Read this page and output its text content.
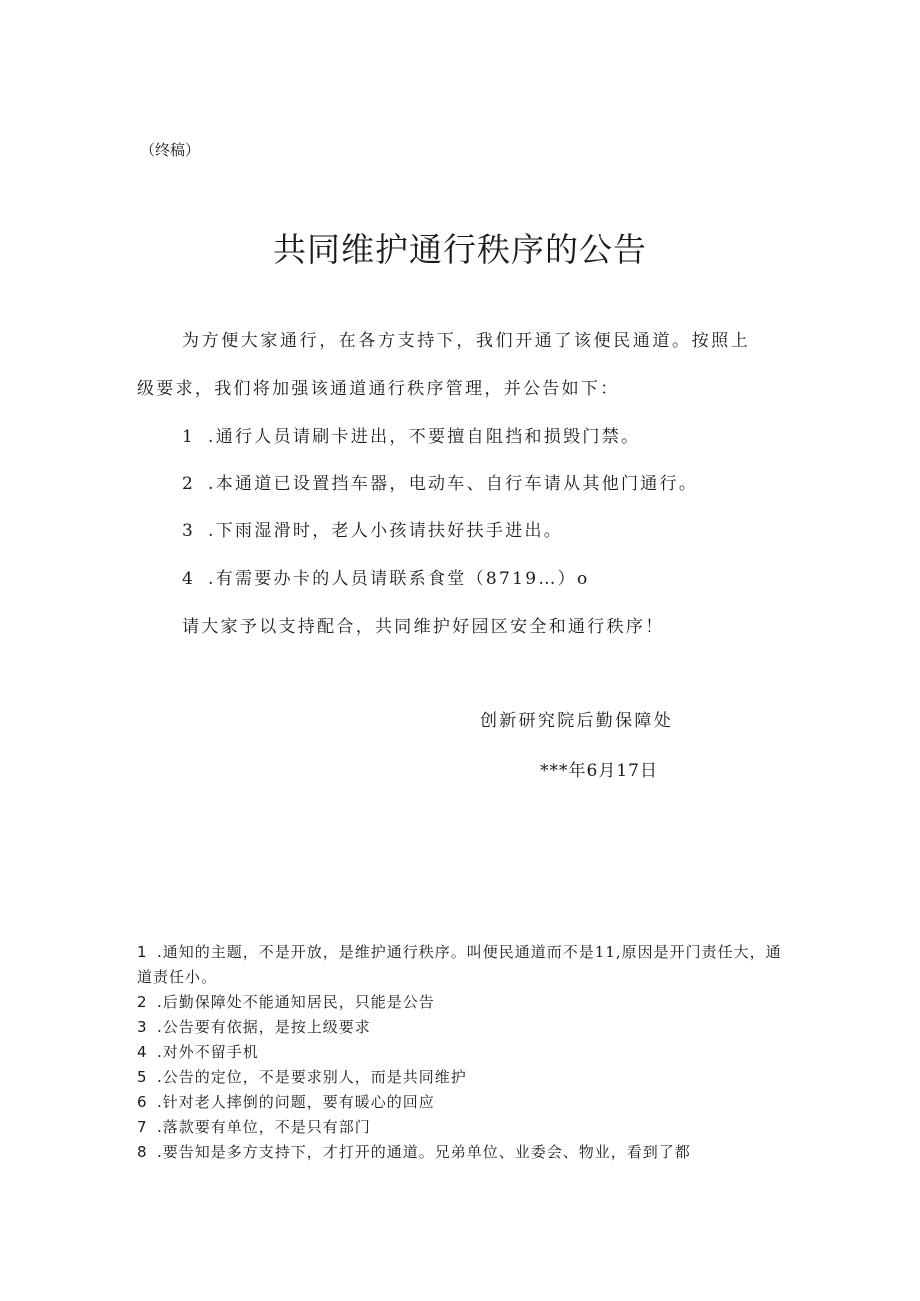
（终稿）
共同维护通行秩序的公告
为方便大家通行，在各方支持下，我们开通了该便民通道。按照上
级要求，我们将加强该通道通行秩序管理，并公告如下：
1 .通行人员请刷卡进出，不要擅自阻挡和损毁门禁。
2 .本通道已设置挡车器，电动车、自行车请从其他门通行。
3 .下雨湿滑时，老人小孩请扶好扶手进出。
4 .有需要办卡的人员请联系食堂（8719…）o
请大家予以支持配合，共同维护好园区安全和通行秩序！
创新研究院后勤保障处
***年6月17日
1 .通知的主题，不是开放，是维护通行秩序。叫便民通道而不是11,原因是开门责任大，通道责任小。
2 .后勤保障处不能通知居民，只能是公告
3 .公告要有依据，是按上级要求
4 .对外不留手机
5 .公告的定位，不是要求别人，而是共同维护
6 .针对老人摔倒的问题，要有暖心的回应
7 .落款要有单位，不是只有部门
8 .要告知是多方支持下，才打开的通道。兄弟单位、业委会、物业，看到了都
